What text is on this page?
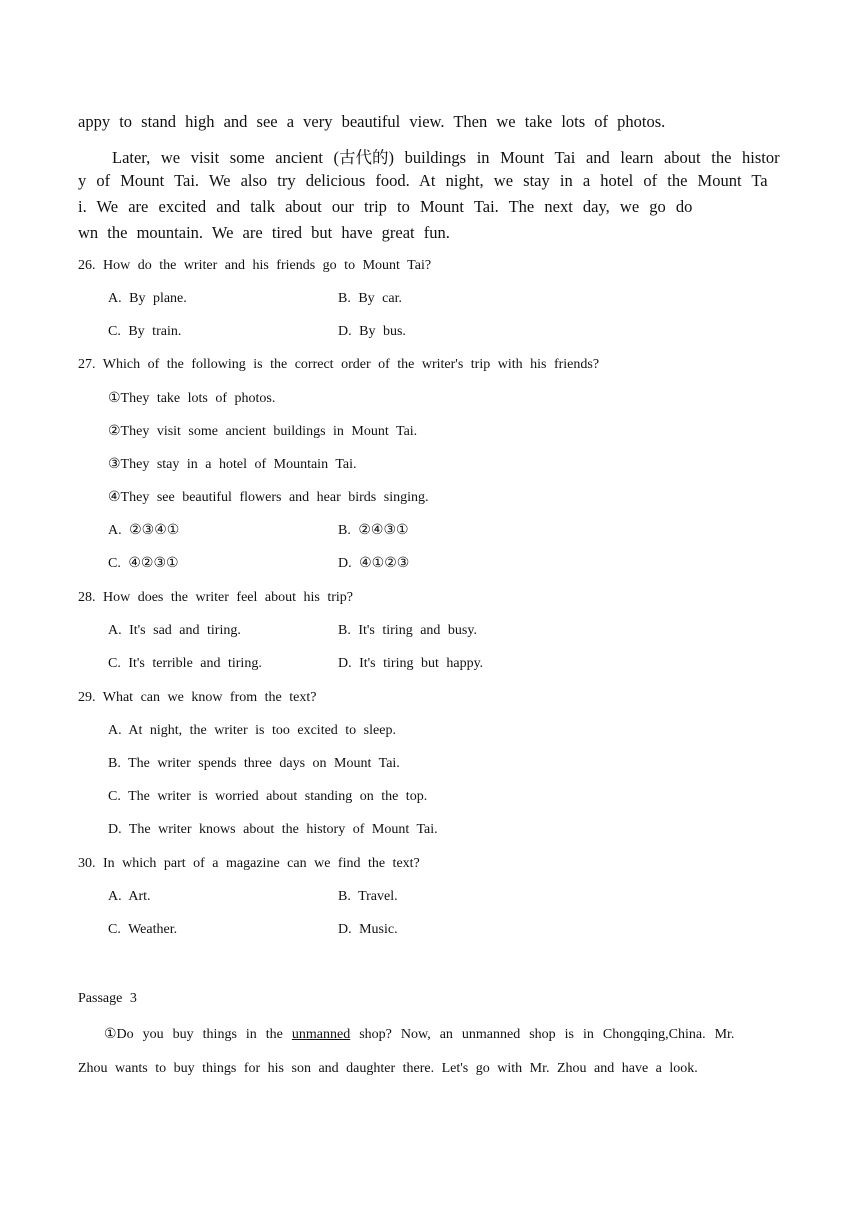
appy to stand high and see a very beautiful view. Then we take lots of photos.
Later, we visit some ancient (古代的) buildings in Mount Tai and learn about the histor
y of Mount Tai. We also try delicious food. At night, we stay in a hotel of the Mount Ta
i. We are excited and talk about our trip to Mount Tai. The next day, we go do
wn the mountain. We are tired but have great fun.
26. How do the writer and his friends go to Mount Tai?
A. By plane.	B. By car.
C. By train.	D. By bus.
27. Which of the following is the correct order of the writer's trip with his friends?
①They take lots of photos.
②They visit some ancient buildings in Mount Tai.
③They stay in a hotel of Mountain Tai.
④They see beautiful flowers and hear birds singing.
A. ②③④①	B. ②④③①
C. ④②③①	D. ④①②③
28. How does the writer feel about his trip?
A. It's sad and tiring.	B. It's tiring and busy.
C. It's terrible and tiring.	D. It's tiring but happy.
29. What can we know from the text?
A. At night, the writer is too excited to sleep.
B. The writer spends three days on Mount Tai.
C. The writer is worried about standing on the top.
D. The writer knows about the history of Mount Tai.
30. In which part of a magazine can we find the text?
A. Art.	B. Travel.
C. Weather.	D. Music.
Passage 3
①Do you buy things in the unmanned shop? Now, an unmanned shop is in Chongqing,China. Mr.
Zhou wants to buy things for his son and daughter there. Let's go with Mr. Zhou and have a look.
